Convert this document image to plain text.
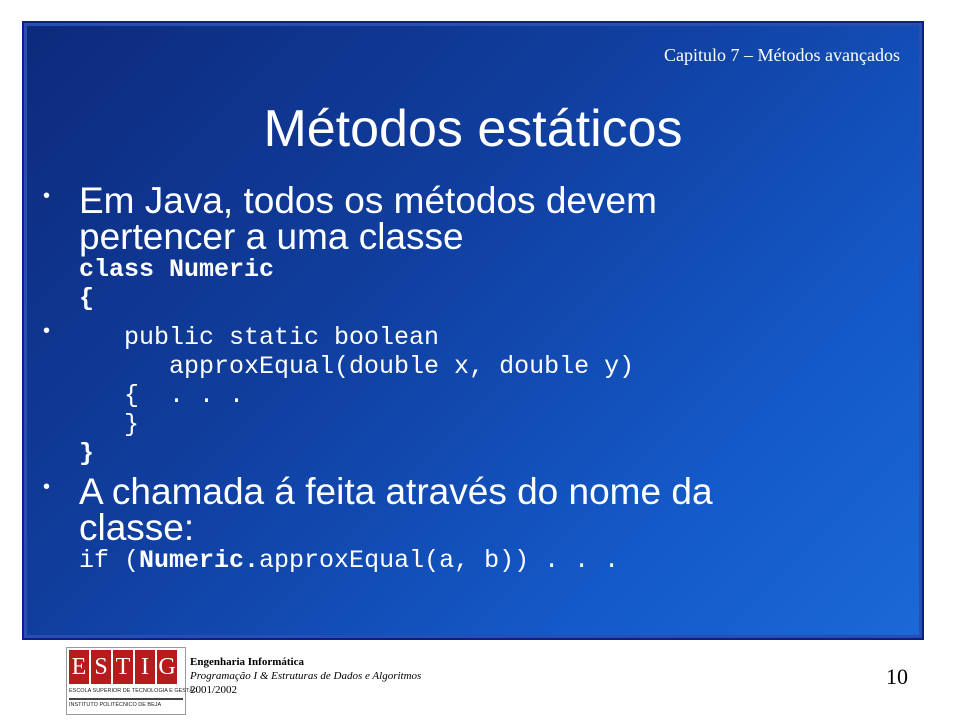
Capitulo 7 – Métodos avançados
Métodos estáticos
• Em Java, todos os métodos devem
pertencer a uma classe
class Numeric
{
• public static boolean
approxEqual(double x, double y)
{  . . .
}
}
• A chamada á feita através do nome da
classe:
if (Numeric.approxEqual(a, b)) . . .
E S T I G
ESCOLA SUPERIOR DE TECNOLOGIA E GESTÃO
INSTITUTO POLITÉCNICO DE BEJA
Engenharia Informática
Programação I & Estruturas de Dados e Algoritmos
2001/2002
10
